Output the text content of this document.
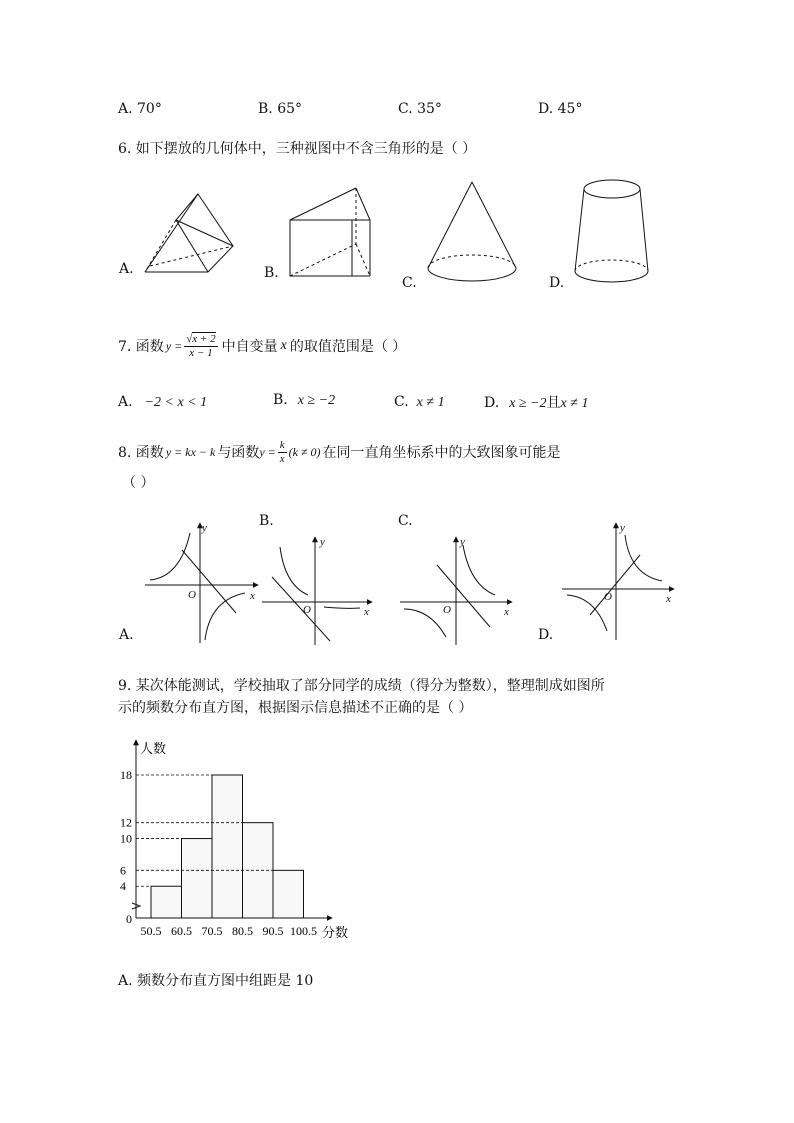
A. 70°	B. 65°	C. 35°	D. 45°
6. 如下摆放的几何体中，三种视图中不含三角形的是（ ）
A.	B.
C.	D.
7. 函数 $y = \frac{√x + 2}{x - 1}$ 中自变量 x 的取值范围是（ ）
A. −2 < x < 1	B. x ≥ −2	C. x ≠ 1	D. x ≥ −2且x ≠ 1
8. 函数 y = kx − k 与函数 $y = \frac{k}{x} (k \ne 0)$ 在同一直角坐标系中的大致图象可能是
（ ）
y
x
O
y
x
O
y
x
O
y
x
O
A.
B.	C.
D.
9. 某次体能测试，学校抽取了部分同学的成绩（得分为整数），整理制成如图所
示的频数分布直方图，根据图示信息描述不正确的是（ ）
人数
分数
0
4
6
10
12
18
50.5 60.5 70.5 80.5 90.5 100.5
A. 频数分布直方图中组距是 10
